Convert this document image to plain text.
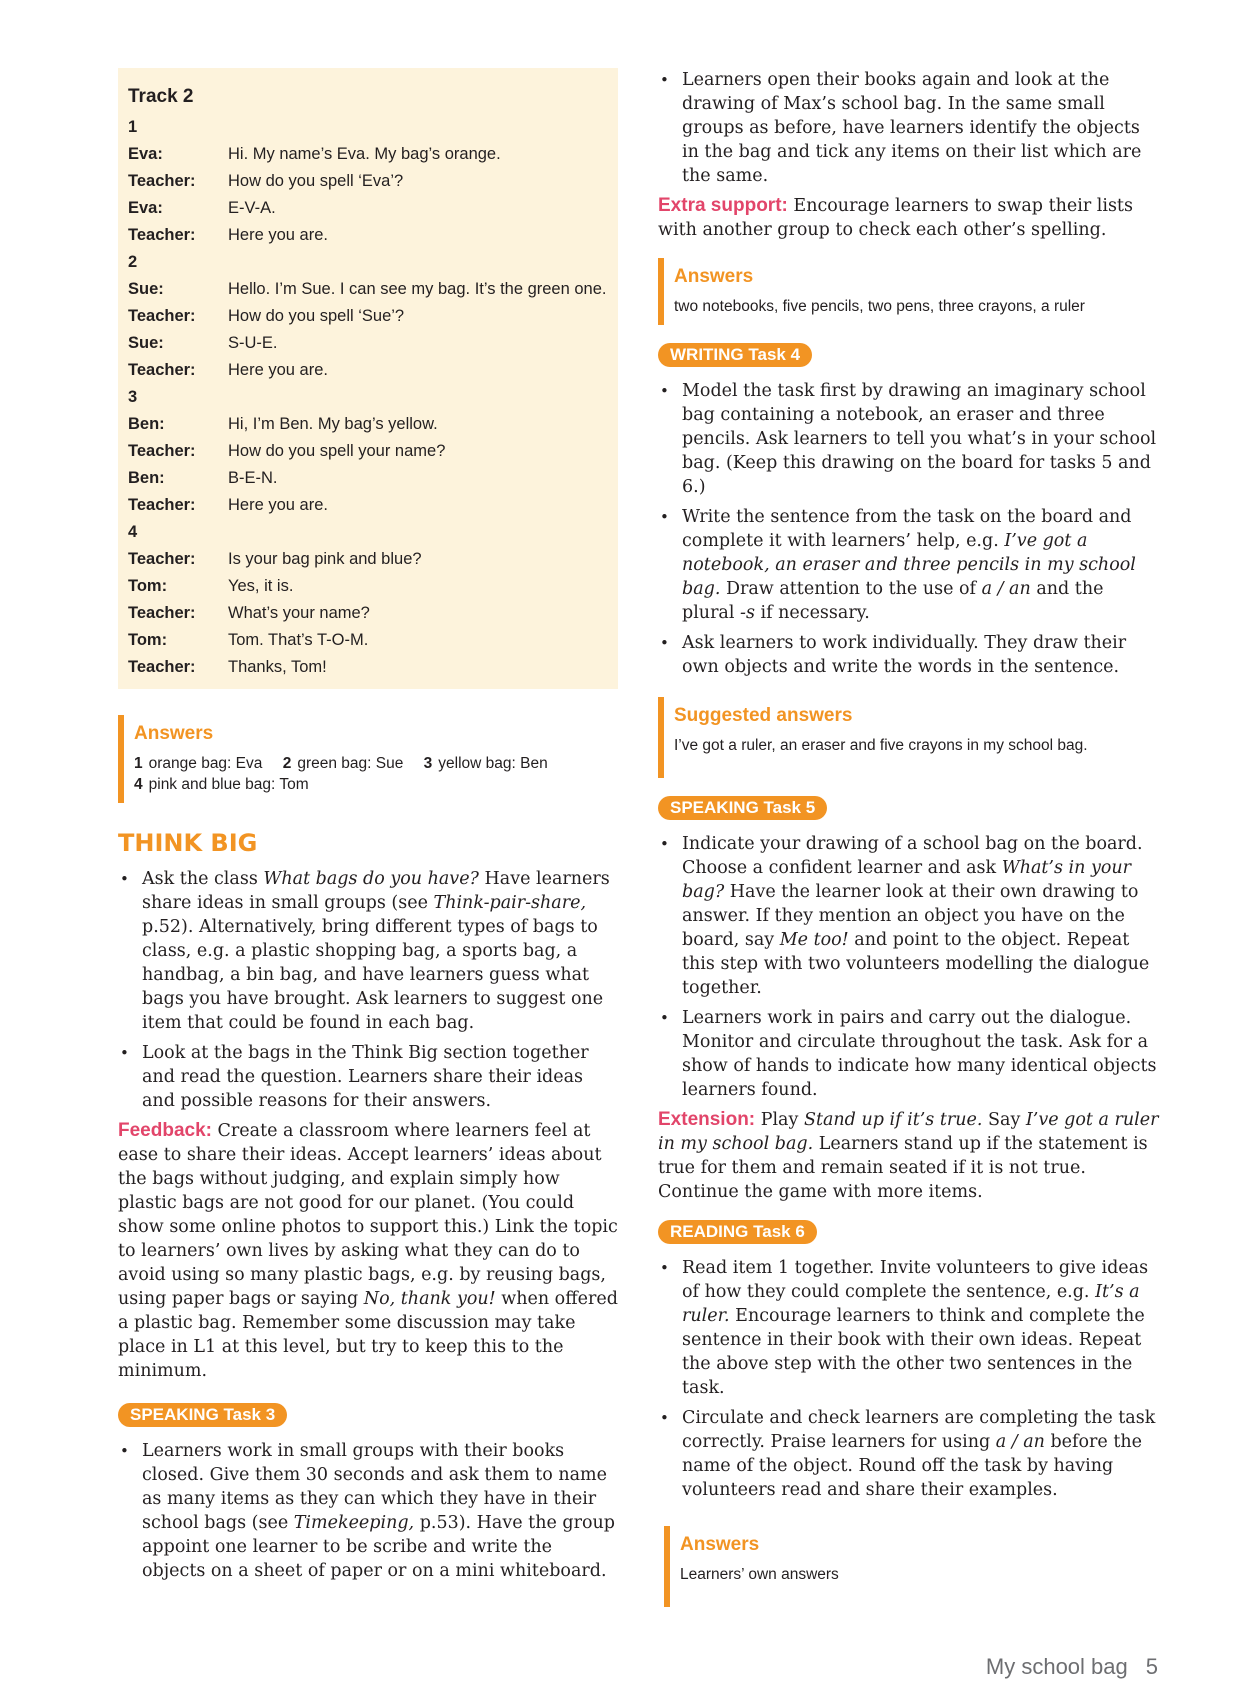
Track 2
1
Eva:	Hi. My name’s Eva. My bag’s orange.
Teacher:	How do you spell ‘Eva’?
Eva:	E-V-A.
Teacher:	Here you are.
2
Sue:	Hello. I’m Sue. I can see my bag. It’s the green one.
Teacher:	How do you spell ‘Sue’?
Sue:	S-U-E.
Teacher:	Here you are.
3
Ben:	Hi, I’m Ben. My bag’s yellow.
Teacher:	How do you spell your name?
Ben:	B-E-N.
Teacher:	Here you are.
4
Teacher:	Is your bag pink and blue?
Tom:	Yes, it is.
Teacher:	What’s your name?
Tom:	Tom. That’s T-O-M.
Teacher:	Thanks, Tom!
Answers
1 orange bag: Eva 2 green bag: Sue 3 yellow bag: Ben
4 pink and blue bag: Tom
THINK BIG
• Ask the class What bags do you have? Have learners share ideas in small groups (see Think-pair-share, p.52). Alternatively, bring different types of bags to class, e.g. a plastic shopping bag, a sports bag, a handbag, a bin bag, and have learners guess what bags you have brought. Ask learners to suggest one item that could be found in each bag.
• Look at the bags in the Think Big section together and read the question. Learners share their ideas and possible reasons for their answers.

Feedback: Create a classroom where learners feel at ease to share their ideas. Accept learners’ ideas about the bags without judging, and explain simply how plastic bags are not good for our planet. (You could show some online photos to support this.) Link the topic to learners’ own lives by asking what they can do to avoid using so many plastic bags, e.g. by reusing bags, using paper bags or saying No, thank you! when offered a plastic bag. Remember some discussion may take place in L1 at this level, but try to keep this to the minimum.

SPEAKING Task 3
• Learners work in small groups with their books closed. Give them 30 seconds and ask them to name as many items as they can which they have in their school bags (see Timekeeping, p.53). Have the group appoint one learner to be scribe and write the objects on a sheet of paper or on a mini whiteboard.
• Learners open their books again and look at the drawing of Max’s school bag. In the same small groups as before, have learners identify the objects in the bag and tick any items on their list which are the same.

Extra support: Encourage learners to swap their lists with another group to check each other’s spelling.

Answers
two notebooks, five pencils, two pens, three crayons, a ruler
WRITING Task 4
• Model the task first by drawing an imaginary school bag containing a notebook, an eraser and three pencils. Ask learners to tell you what’s in your school bag. (Keep this drawing on the board for tasks 5 and 6.)
• Write the sentence from the task on the board and complete it with learners’ help, e.g. I’ve got a notebook, an eraser and three pencils in my school bag. Draw attention to the use of a / an and the plural -s if necessary.
• Ask learners to work individually. They draw their own objects and write the words in the sentence.
Suggested answers
I’ve got a ruler, an eraser and five crayons in my school bag.
SPEAKING Task 5
• Indicate your drawing of a school bag on the board. Choose a confident learner and ask What’s in your bag? Have the learner look at their own drawing to answer. If they mention an object you have on the board, say Me too! and point to the object. Repeat this step with two volunteers modelling the dialogue together.
• Learners work in pairs and carry out the dialogue. Monitor and circulate throughout the task. Ask for a show of hands to indicate how many identical objects learners found.

Extension: Play Stand up if it’s true. Say I’ve got a ruler in my school bag. Learners stand up if the statement is true for them and remain seated if it is not true. Continue the game with more items.

READING Task 6
• Read item 1 together. Invite volunteers to give ideas of how they could complete the sentence, e.g. It’s a ruler. Encourage learners to think and complete the sentence in their book with their own ideas. Repeat the above step with the other two sentences in the task.
• Circulate and check learners are completing the task correctly. Praise learners for using a / an before the name of the object. Round off the task by having volunteers read and share their examples.
Answers
Learners’ own answers
My school bag 5
